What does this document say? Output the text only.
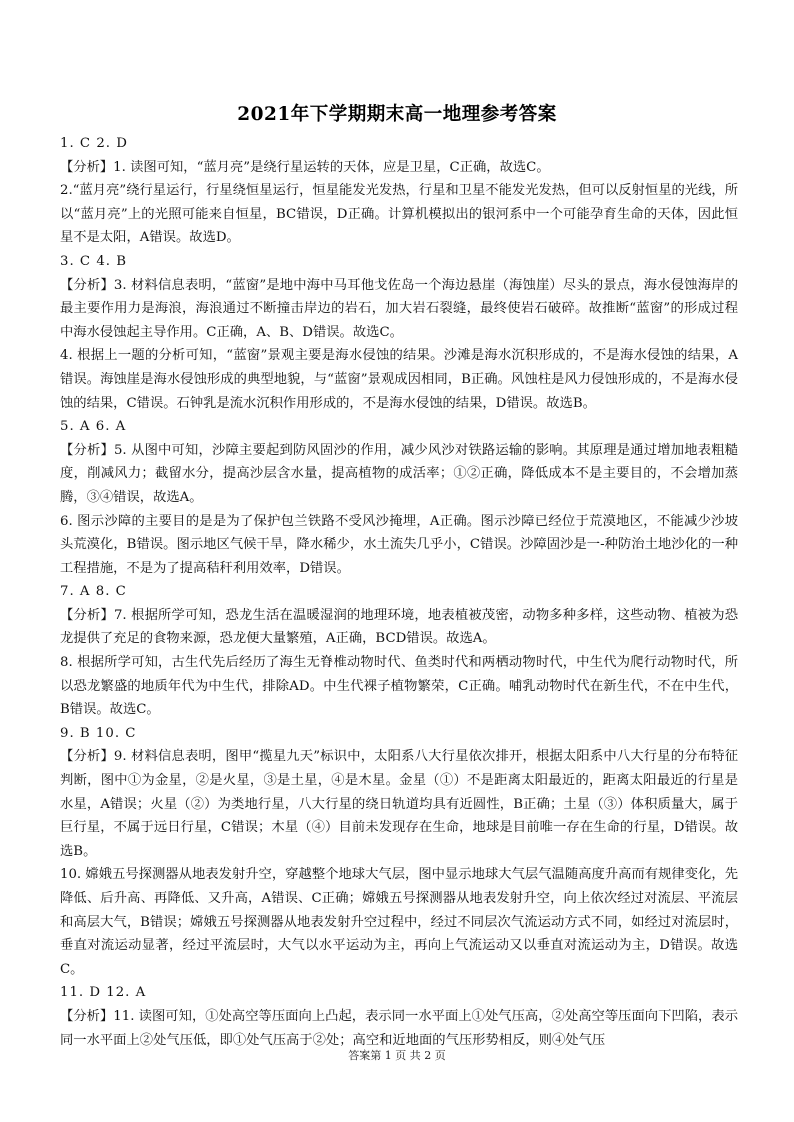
2021年下学期期末高一地理参考答案

1. C 2. D

【分析】1. 读图可知，“蓝月亮”是绕行星运转的天体，应是卫星，C正确，故选C。

2.“蓝月亮”绕行星运行，行星绕恒星运行，恒星能发光发热，行星和卫星不能发光发热，但可以反射恒星的光线，所以“蓝月亮”上的光照可能来自恒星，BC错误，D正确。计算机模拟出的银河系中一个可能孕育生命的天体，因此恒星不是太阳，A错误。故选D。

3. C 4. B

【分析】3. 材料信息表明，“蓝窗”是地中海中马耳他戈佐岛一个海边悬崖（海蚀崖）尽头的景点，海水侵蚀海岸的最主要作用力是海浪，海浪通过不断撞击岸边的岩石，加大岩石裂缝，最终使岩石破碎。故推断“蓝窗”的形成过程中海水侵蚀起主导作用。C正确，A、B、D错误。故选C。

4. 根据上一题的分析可知，“蓝窗”景观主要是海水侵蚀的结果。沙滩是海水沉积形成的，不是海水侵蚀的结果，A错误。海蚀崖是海水侵蚀形成的典型地貌，与“蓝窗”景观成因相同，B正确。风蚀柱是风力侵蚀形成的，不是海水侵蚀的结果，C错误。石钟乳是流水沉积作用形成的，不是海水侵蚀的结果，D错误。故选B。

5. A 6. A

【分析】5. 从图中可知，沙障主要起到防风固沙的作用，减少风沙对铁路运输的影响。其原理是通过增加地表粗糙度，削减风力；截留水分，提高沙层含水量，提高植物的成活率；①②正确，降低成本不是主要目的，不会增加蒸腾，③④错误，故选A。

6. 图示沙障的主要目的是是为了保护包兰铁路不受风沙掩埋，A正确。图示沙障已经位于荒漠地区，不能减少沙坡头荒漠化，B错误。图示地区气候干旱，降水稀少，水土流失几乎小，C错误。沙障固沙是一-种防治土地沙化的一种工程措施，不是为了提高秸秆利用效率，D错误。

7. A 8. C

【分析】7. 根据所学可知，恐龙生活在温暖湿润的地理环境，地表植被茂密，动物多种多样，这些动物、植被为恐龙提供了充足的食物来源，恐龙便大量繁殖，A正确，BCD错误。故选A。

8. 根据所学可知，古生代先后经历了海生无脊椎动物时代、鱼类时代和两栖动物时代，中生代为爬行动物时代，所以恐龙繁盛的地质年代为中生代，排除AD。中生代裸子植物繁荣，C正确。哺乳动物时代在新生代，不在中生代，B错误。故选C。

9. B 10. C

【分析】9. 材料信息表明，图甲“揽星九天”标识中，太阳系八大行星依次排开，根据太阳系中八大行星的分布特征判断，图中①为金星，②是火星，③是土星，④是木星。金星（①）不是距离太阳最近的，距离太阳最近的行星是水星，A错误；火星（②）为类地行星，八大行星的绕日轨道均具有近圆性，B正确；土星（③）体积质量大，属于巨行星，不属于远日行星，C错误；木星（④）目前未发现存在生命，地球是目前唯一存在生命的行星，D错误。故选B。

10. 嫦娥五号探测器从地表发射升空，穿越整个地球大气层，图中显示地球大气层气温随高度升高而有规律变化，先降低、后升高、再降低、又升高，A错误、C正确；嫦娥五号探测器从地表发射升空，向上依次经过对流层、平流层和高层大气，B错误；嫦娥五号探测器从地表发射升空过程中，经过不同层次气流运动方式不同，如经过对流层时，垂直对流运动显著，经过平流层时，大气以水平运动为主，再向上气流运动又以垂直对流运动为主，D错误。故选C。

11. D 12. A

【分析】11. 读图可知，①处高空等压面向上凸起，表示同一水平面上①处气压高，②处高空等压面向下凹陷，表示同一水平面上②处气压低，即①处气压高于②处；高空和近地面的气压形势相反，则④处气压

答案第 1 页 共 2 页
